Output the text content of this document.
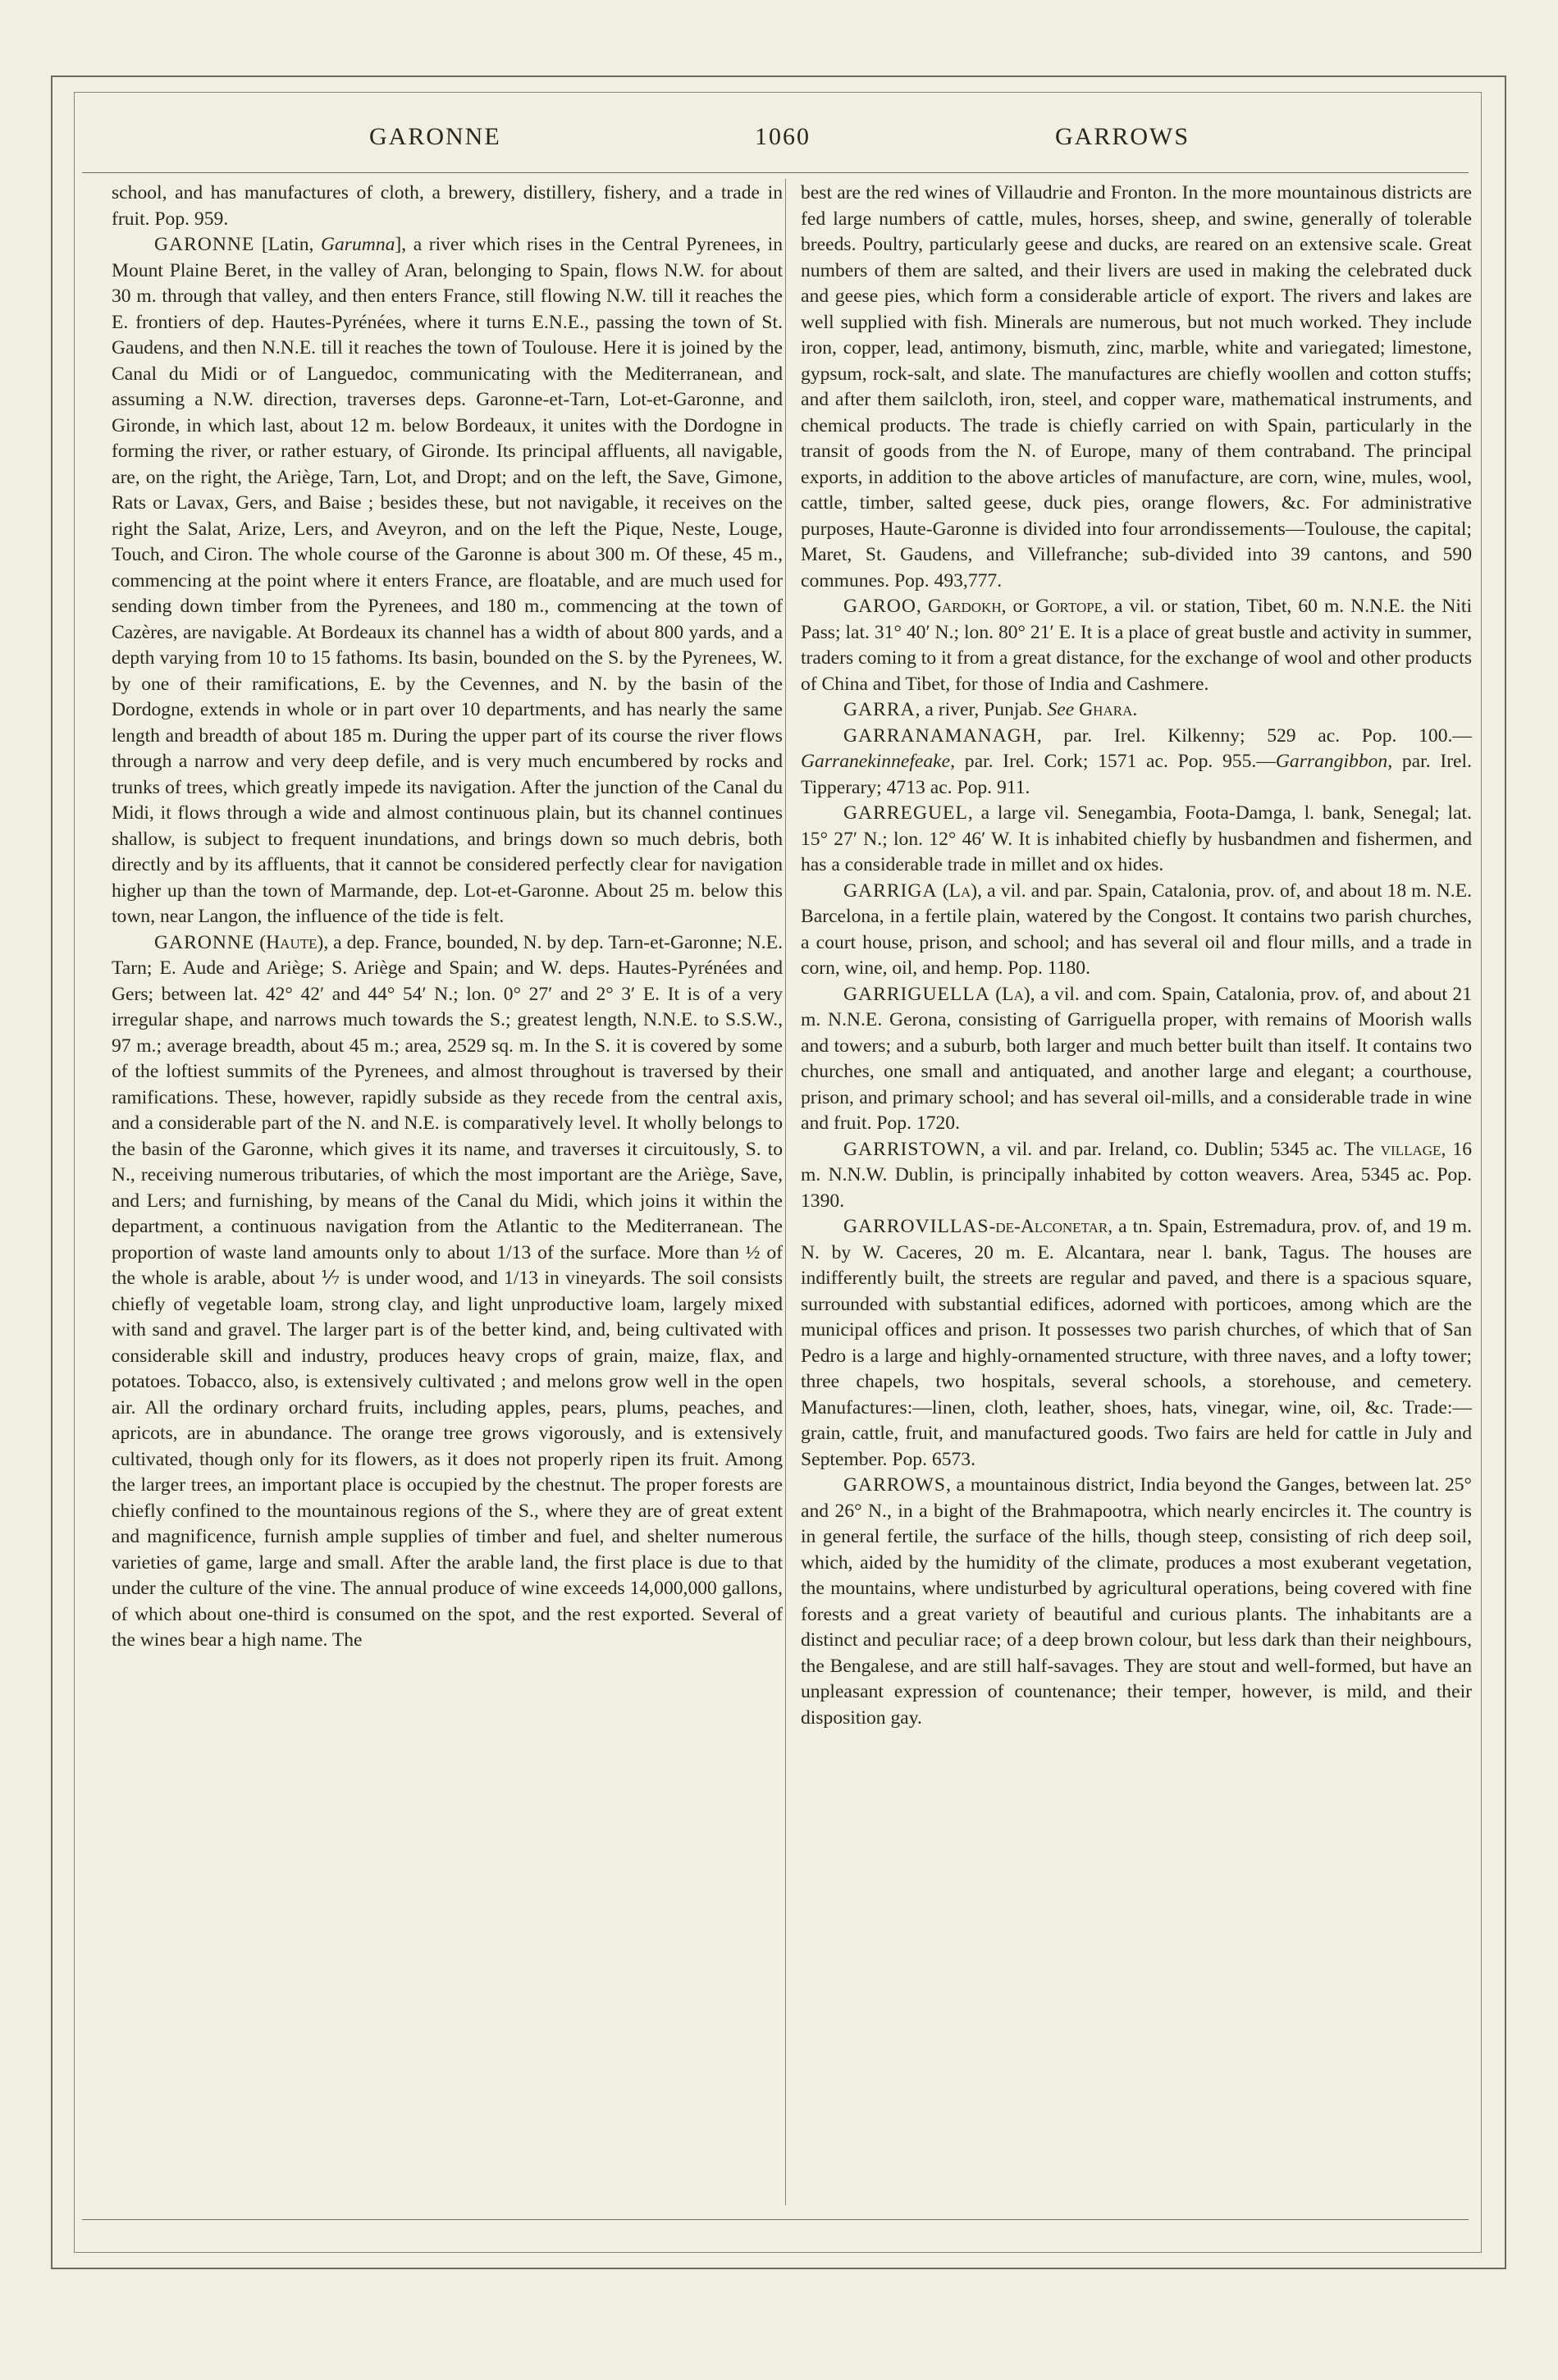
GARONNE	1060	GARROWS

school, and has manufactures of cloth, a brewery, distillery, fishery, and a trade in fruit. Pop. 959.

GARONNE [Latin, Garumna], a river which rises in the Central Pyrenees, in Mount Plaine Beret, in the valley of Aran, belonging to Spain, flows N.W. for about 30 m. through that valley, and then enters France, still flowing N.W. till it reaches the E. frontiers of dep. Hautes-Pyrénées, where it turns E.N.E., passing the town of St. Gaudens, and then N.N.E. till it reaches the town of Toulouse. Here it is joined by the Canal du Midi or of Languedoc, communicating with the Mediterranean, and assuming a N.W. direction, traverses deps. Garonne-et-Tarn, Lot-et-Garonne, and Gironde, in which last, about 12 m. below Bordeaux, it unites with the Dordogne in forming the river, or rather estuary, of Gironde. Its principal affluents, all navigable, are, on the right, the Ariège, Tarn, Lot, and Dropt; and on the left, the Save, Gimone, Rats or Lavax, Gers, and Baise ; besides these, but not navigable, it receives on the right the Salat, Arize, Lers, and Aveyron, and on the left the Pique, Neste, Louge, Touch, and Ciron. The whole course of the Garonne is about 300 m. Of these, 45 m., commencing at the point where it enters France, are floatable, and are much used for sending down timber from the Pyrenees, and 180 m., commencing at the town of Cazères, are navigable. At Bordeaux its channel has a width of about 800 yards, and a depth varying from 10 to 15 fathoms. Its basin, bounded on the S. by the Pyrenees, W. by one of their ramifications, E. by the Cevennes, and N. by the basin of the Dordogne, extends in whole or in part over 10 departments, and has nearly the same length and breadth of about 185 m. During the upper part of its course the river flows through a narrow and very deep defile, and is very much encumbered by rocks and trunks of trees, which greatly impede its navigation. After the junction of the Canal du Midi, it flows through a wide and almost continuous plain, but its channel continues shallow, is subject to frequent inundations, and brings down so much debris, both directly and by its affluents, that it cannot be considered perfectly clear for navigation higher up than the town of Marmande, dep. Lot-et-Garonne. About 25 m. below this town, near Langon, the influence of the tide is felt.

GARONNE (Haute), a dep. France, bounded, N. by dep. Tarn-et-Garonne; N.E. Tarn; E. Aude and Ariège; S. Ariège and Spain; and W. deps. Hautes-Pyrénées and Gers; between lat. 42° 42′ and 44° 54′ N.; lon. 0° 27′ and 2° 3′ E. It is of a very irregular shape, and narrows much towards the S.; greatest length, N.N.E. to S.S.W., 97 m.; average breadth, about 45 m.; area, 2529 sq. m. In the S. it is covered by some of the loftiest summits of the Pyrenees, and almost throughout is traversed by their ramifications. These, however, rapidly subside as they recede from the central axis, and a considerable part of the N. and N.E. is comparatively level. It wholly belongs to the basin of the Garonne, which gives it its name, and traverses it circuitously, S. to N., receiving numerous tributaries, of which the most important are the Ariège, Save, and Lers; and furnishing, by means of the Canal du Midi, which joins it within the department, a continuous navigation from the Atlantic to the Mediterranean. The proportion of waste land amounts only to about 1/13 of the surface. More than ½ of the whole is arable, about ⅐ is under wood, and 1/13 in vineyards. The soil consists chiefly of vegetable loam, strong clay, and light unproductive loam, largely mixed with sand and gravel. The larger part is of the better kind, and, being cultivated with considerable skill and industry, produces heavy crops of grain, maize, flax, and potatoes. Tobacco, also, is extensively cultivated ; and melons grow well in the open air. All the ordinary orchard fruits, including apples, pears, plums, peaches, and apricots, are in abundance. The orange tree grows vigorously, and is extensively cultivated, though only for its flowers, as it does not properly ripen its fruit. Among the larger trees, an important place is occupied by the chestnut. The proper forests are chiefly confined to the mountainous regions of the S., where they are of great extent and magnificence, furnish ample supplies of timber and fuel, and shelter numerous varieties of game, large and small. After the arable land, the first place is due to that under the culture of the vine. The annual produce of wine exceeds 14,000,000 gallons, of which about one-third is consumed on the spot, and the rest exported. Several of the wines bear a high name. The

best are the red wines of Villaudrie and Fronton. In the more mountainous districts are fed large numbers of cattle, mules, horses, sheep, and swine, generally of tolerable breeds. Poultry, particularly geese and ducks, are reared on an extensive scale. Great numbers of them are salted, and their livers are used in making the celebrated duck and geese pies, which form a considerable article of export. The rivers and lakes are well supplied with fish. Minerals are numerous, but not much worked. They include iron, copper, lead, antimony, bismuth, zinc, marble, white and variegated; limestone, gypsum, rock-salt, and slate. The manufactures are chiefly woollen and cotton stuffs; and after them sailcloth, iron, steel, and copper ware, mathematical instruments, and chemical products. The trade is chiefly carried on with Spain, particularly in the transit of goods from the N. of Europe, many of them contraband. The principal exports, in addition to the above articles of manufacture, are corn, wine, mules, wool, cattle, timber, salted geese, duck pies, orange flowers, &c. For administrative purposes, Haute-Garonne is divided into four arrondissements—Toulouse, the capital; Maret, St. Gaudens, and Villefranche; sub-divided into 39 cantons, and 590 communes. Pop. 493,777.

GAROO, Gardokh, or Gortope, a vil. or station, Tibet, 60 m. N.N.E. the Niti Pass; lat. 31° 40′ N.; lon. 80° 21′ E. It is a place of great bustle and activity in summer, traders coming to it from a great distance, for the exchange of wool and other products of China and Tibet, for those of India and Cashmere.

GARRA, a river, Punjab. See Ghara.

GARRANAMANAGH, par. Irel. Kilkenny; 529 ac. Pop. 100.—Garranekinnefeake, par. Irel. Cork; 1571 ac. Pop. 955.—Garrangibbon, par. Irel. Tipperary; 4713 ac. Pop. 911.

GARREGUEL, a large vil. Senegambia, Foota-Damga, l. bank, Senegal; lat. 15° 27′ N.; lon. 12° 46′ W. It is inhabited chiefly by husbandmen and fishermen, and has a considerable trade in millet and ox hides.

GARRIGA (La), a vil. and par. Spain, Catalonia, prov. of, and about 18 m. N.E. Barcelona, in a fertile plain, watered by the Congost. It contains two parish churches, a court house, prison, and school; and has several oil and flour mills, and a trade in corn, wine, oil, and hemp. Pop. 1180.

GARRIGUELLA (La), a vil. and com. Spain, Catalonia, prov. of, and about 21 m. N.N.E. Gerona, consisting of Garriguella proper, with remains of Moorish walls and towers; and a suburb, both larger and much better built than itself. It contains two churches, one small and antiquated, and another large and elegant; a courthouse, prison, and primary school; and has several oil-mills, and a considerable trade in wine and fruit. Pop. 1720.

GARRISTOWN, a vil. and par. Ireland, co. Dublin; 5345 ac. The village, 16 m. N.N.W. Dublin, is principally inhabited by cotton weavers. Area, 5345 ac. Pop. 1390.

GARROVILLAS-de-Alconetar, a tn. Spain, Estremadura, prov. of, and 19 m. N. by W. Caceres, 20 m. E. Alcantara, near l. bank, Tagus. The houses are indifferently built, the streets are regular and paved, and there is a spacious square, surrounded with substantial edifices, adorned with porticoes, among which are the municipal offices and prison. It possesses two parish churches, of which that of San Pedro is a large and highly-ornamented structure, with three naves, and a lofty tower; three chapels, two hospitals, several schools, a storehouse, and cemetery. Manufactures:—linen, cloth, leather, shoes, hats, vinegar, wine, oil, &c. Trade:—grain, cattle, fruit, and manufactured goods. Two fairs are held for cattle in July and September. Pop. 6573.

GARROWS, a mountainous district, India beyond the Ganges, between lat. 25° and 26° N., in a bight of the Brahmapootra, which nearly encircles it. The country is in general fertile, the surface of the hills, though steep, consisting of rich deep soil, which, aided by the humidity of the climate, produces a most exuberant vegetation, the mountains, where undisturbed by agricultural operations, being covered with fine forests and a great variety of beautiful and curious plants. The inhabitants are a distinct and peculiar race; of a deep brown colour, but less dark than their neighbours, the Bengalese, and are still half-savages. They are stout and well-formed, but have an unpleasant expression of countenance; their temper, however, is mild, and their disposition gay.
